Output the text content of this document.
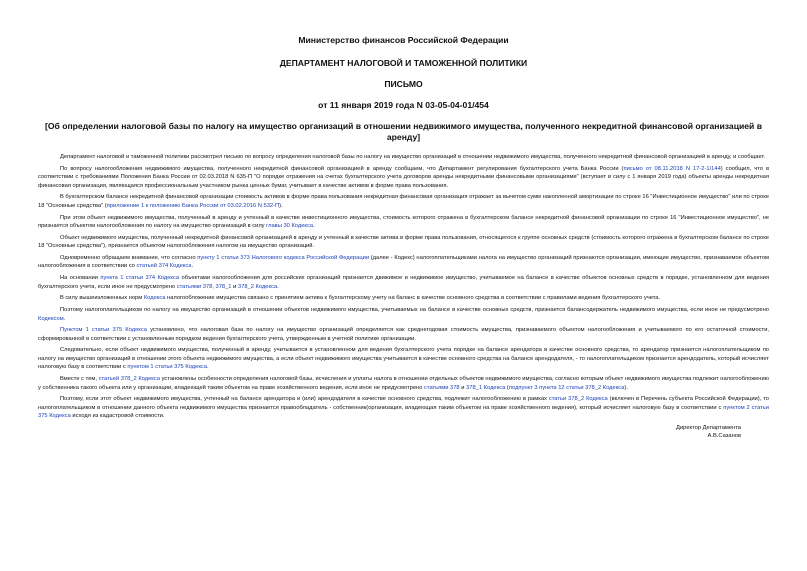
Министерство финансов Российской Федерации
ДЕПАРТАМЕНТ НАЛОГОВОЙ И ТАМОЖЕННОЙ ПОЛИТИКИ
ПИСЬМО
от 11 января 2019 года N 03-05-04-01/454
[Об определении налоговой базы по налогу на имущество организаций в отношении недвижимого имущества, полученного некредитной финансовой организацией в аренду]

Департамент налоговой и таможенной политики рассмотрел письмо по вопросу определения налоговой базы по налогу на имущество организаций в отношении недвижимого имущества, полученного некредитной финансовой организацией в аренду, и сообщает.

По вопросу налогообложения недвижимого имущества, полученного некредитной финансовой организацией в аренду сообщаем, что Департамент регулирования бухгалтерского учета Банка России (письмо от 08.11.2018 N 17-2-1/144) сообщил, что в соответствии с требованиями Положения Банка России от 02.03.2018 N 635-П "О порядке отражения на счетах бухгалтерского учета договоров аренды некредитными финансовыми организациями" (вступает в силу с 1 января 2019 года) объекты аренды некредитная финансовая организация, являющаяся профессиональным участником рынка ценных бумаг, учитывает в качестве активов в форме права пользования.

В бухгалтерском балансе некредитной финансовой организации стоимость активов в форме права пользования некредитная финансовая организация отражает за вычетом сумм накопленной амортизации по строке 16 "Инвестиционное имущество" или по строке 18 "Основные средства" (приложение 1 к положению Банка России от 03.02.2016 N 532-П).

При этом объект недвижимого имущества, полученный в аренду и учтенный в качестве инвестиционного имущества, стоимость которого отражена в бухгалтерском балансе некредитной финансовой организации по строке 16 "Инвестиционное имущество", не признается объектом налогообложения по налогу на имущество организаций в силу главы 30 Кодекса.

Объект недвижимого имущества, полученный некредитной финансовой организацией в аренду и учтенный в качестве актива в форме права пользования, относящегося к группе основных средств (стоимость которого отражена в бухгалтерском балансе по строке 18 "Основные средства"), признается объектом налогообложения налогом на имущество организаций.

Одновременно обращаем внимание, что согласно пункту 1 статьи 373 Налогового кодекса Российской Федерации (далее - Кодекс) налогоплательщиками налога на имущество организаций признаются организации, имеющие имущество, признаваемое объектом налогообложения в соответствии со статьей 374 Кодекса.

На основании пункта 1 статьи 374 Кодекса объектами налогообложения для российских организаций признается движимое и недвижимое имущество, учитываемое на балансе в качестве объектов основных средств в порядке, установленном для ведения бухгалтерского учета, если иное не предусмотрено статьями 378, 378_1 и 378_2 Кодекса.

В силу вышеизложенных норм Кодекса налогообложение имущества связано с принятием актива к бухгалтерскому учету на баланс в качестве основного средства в соответствии с правилами ведения бухгалтерского учета.

Поэтому налогоплательщиком по налогу на имущество организаций в отношении объектов недвижимого имущества, учитываемых на балансе в качестве основных средств, признается балансодержатель недвижимого имущества, если иное не предусмотрено Кодексом.

Пунктом 1 статьи 375 Кодекса установлено, что налоговая база по налогу на имущество организаций определяется как среднегодовая стоимость имущества, признаваемого объектом налогообложения и учитываемого по его остаточной стоимости, сформированной в соответствии с установленным порядком ведения бухгалтерского учета, утвержденным в учетной политике организации.

Следовательно, если объект недвижимого имущества, полученный в аренду, учитывается в установленном для ведения бухгалтерского учета порядке на балансе арендатора в качестве основного средства, то арендатор признается налогоплательщиком по налогу на имущество организаций в отношении этого объекта недвижимого имущества, а если объект недвижимого имущества учитывается в качестве основного средства на балансе арендодателя, - то налогоплательщиком признается арендодатель, который исчисляет налоговую базу в соответствии с пунктом 1 статьи 375 Кодекса.

Вместе с тем, статьей 378_2 Кодекса установлены особенности определения налоговой базы, исчисления и уплаты налога в отношении отдельных объектов недвижимого имущества, согласно которым объект недвижимого имущества подлежит налогообложению у собственника такого объекта или у организации, владеющей таким объектом на праве хозяйственного ведения, если иное не предусмотрено статьями 378 и 378_1 Кодекса (подпункт 3 пункта 12 статьи 378_2 Кодекса).

Поэтому, если этот объект недвижимого имущества, учтенный на балансе арендатора и (или) арендодателя в качестве основного средства, подлежит налогообложению в рамках статьи 378_2 Кодекса (включен в Перечень субъекта Российской Федерации), то налогоплательщиком в отношении данного объекта недвижимого имущества признается правообладатель - собственник(организация, владеющая таким объектом на праве хозяйственного ведения), который исчисляет налоговую базу в соответствии с пунктом 2 статьи 375 Кодекса исходя из кадастровой стоимости.

Директор Департамента
А.В.Сазанов
